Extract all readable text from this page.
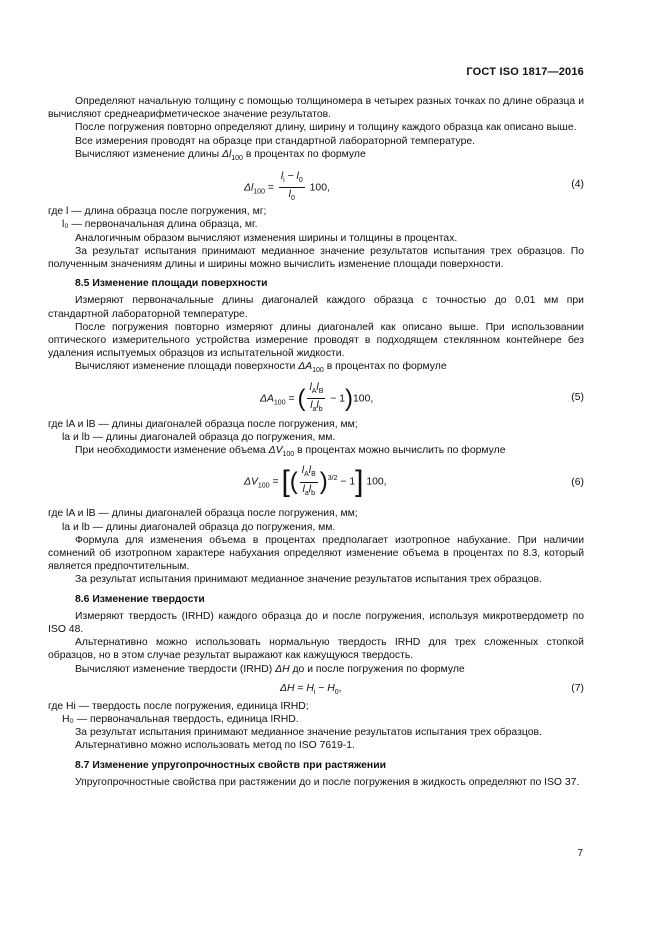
ГОСТ ISO 1817—2016

Определяют начальную толщину с помощью толщиномера в четырех разных точках по длине образца и вычисляют среднеарифметическое значение результатов.

После погружения повторно определяют длину, ширину и толщину каждого образца как описано выше.

Все измерения проводят на образце при стандартной лабораторной температуре.

Вычисляют изменение длины $\Delta l_{100}$ в процентах по формуле

$\Delta l_{100} = \frac{l_i - l_0}{l_0} 100$,	(4)

где l — длина образца после погружения, мг;

l₀ — первоначальная длина образца, мг.

Аналогичным образом вычисляют изменения ширины и толщины в процентах.

За результат испытания принимают медианное значение результатов испытания трех образцов. По полученным значениям длины и ширины можно вычислить изменение площади поверхности.

8.5 Изменение площади поверхности

Измеряют первоначальные длины диагоналей каждого образца с точностью до 0,01 мм при стандартной лабораторной температуре.

После погружения повторно измеряют длины диагоналей как описано выше. При использовании оптического измерительного устройства измерение проводят в подходящем стеклянном контейнере без удаления испытуемых образцов из испытательной жидкости.

Вычисляют изменение площади поверхности $\Delta A_{100}$ в процентах по формуле

$\Delta A_{100}$ = ( $\frac{l_Al_B}{l_al_b} - 1)100$,	(5)

где lA и lB — длины диагоналей образца после погружения, мм;

la и lb — длины диагоналей образца до погружения, мм.

При необходимости изменение объема $\Delta V_{100}$ в процентах можно вычислить по формуле

$\Delta V_{100}$ = [( $\frac{l_Al_B}{l_al_b} )^{3/2} - 1$] 100,	(6)

где lA и lB — длины диагоналей образца после погружения, мм;

la и lb — длины диагоналей образца до погружения, мм.

Формула для изменения объема в процентах предполагает изотропное набухание. При наличии сомнений об изотропном характере набухания определяют изменение объема в процентах по 8.3, который является предпочтительным.

За результат испытания принимают медианное значение результатов испытания трех образцов.

8.6 Изменение твердости

Измеряют твердость (IRHD) каждого образца до и после погружения, используя микротвердометр по ISO 48.

Альтернативно можно использовать нормальную твердость IRHD для трех сложенных стопкой образцов, но в этом случае результат выражают как кажущуюся твердость.

Вычисляют изменение твердости (IRHD) ΔH до и после погружения по формуле

$\Delta H = H_i - H_0$,	(7)

где Hi — твердость после погружения, единица IRHD;

H₀ — первоначальная твердость, единица IRHD.

За результат испытания принимают медианное значение результатов испытания трех образцов.

Альтернативно можно использовать метод по ISO 7619-1.

8.7 Изменение упругопрочностных свойств при растяжении

Упругопрочностные свойства при растяжении до и после погружения в жидкость определяют по ISO 37.

7
